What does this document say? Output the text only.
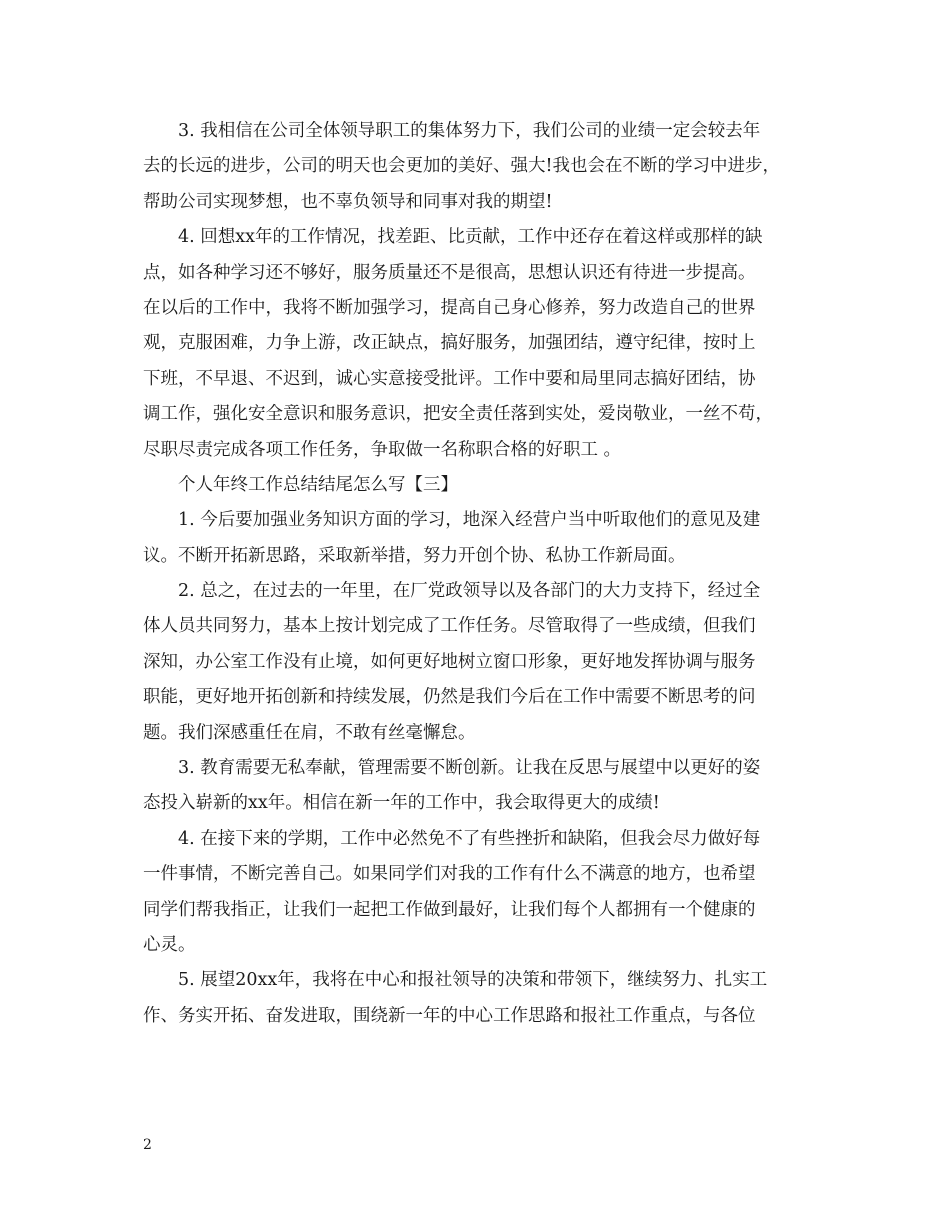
3. 我相信在公司全体领导职工的集体努力下，我们公司的业绩一定会较去年
去的长远的进步，公司的明天也会更加的美好、强大!我也会在不断的学习中进步，
帮助公司实现梦想，也不辜负领导和同事对我的期望!
4. 回想xx年的工作情况，找差距、比贡献，工作中还存在着这样或那样的缺
点，如各种学习还不够好，服务质量还不是很高，思想认识还有待进一步提高。
在以后的工作中，我将不断加强学习，提高自己身心修养，努力改造自己的世界
观，克服困难，力争上游，改正缺点，搞好服务，加强团结，遵守纪律，按时上
下班，不早退、不迟到，诚心实意接受批评。工作中要和局里同志搞好团结，协
调工作，强化安全意识和服务意识，把安全责任落到实处，爱岗敬业，一丝不苟，
尽职尽责完成各项工作任务，争取做一名称职合格的好职工 。
个人年终工作总结结尾怎么写【三】
1. 今后要加强业务知识方面的学习，地深入经营户当中听取他们的意见及建
议。不断开拓新思路，采取新举措，努力开创个协、私协工作新局面。
2. 总之，在过去的一年里，在厂党政领导以及各部门的大力支持下，经过全
体人员共同努力，基本上按计划完成了工作任务。尽管取得了一些成绩，但我们
深知，办公室工作没有止境，如何更好地树立窗口形象，更好地发挥协调与服务
职能，更好地开拓创新和持续发展，仍然是我们今后在工作中需要不断思考的问
题。我们深感重任在肩，不敢有丝毫懈怠。
3. 教育需要无私奉献，管理需要不断创新。让我在反思与展望中以更好的姿
态投入崭新的xx年。相信在新一年的工作中，我会取得更大的成绩!
4. 在接下来的学期，工作中必然免不了有些挫折和缺陷，但我会尽力做好每
一件事情，不断完善自己。如果同学们对我的工作有什么不满意的地方，也希望
同学们帮我指正，让我们一起把工作做到最好，让我们每个人都拥有一个健康的
心灵。
5. 展望20xx年，我将在中心和报社领导的决策和带领下，继续努力、扎实工
作、务实开拓、奋发进取，围绕新一年的中心工作思路和报社工作重点，与各位
2
